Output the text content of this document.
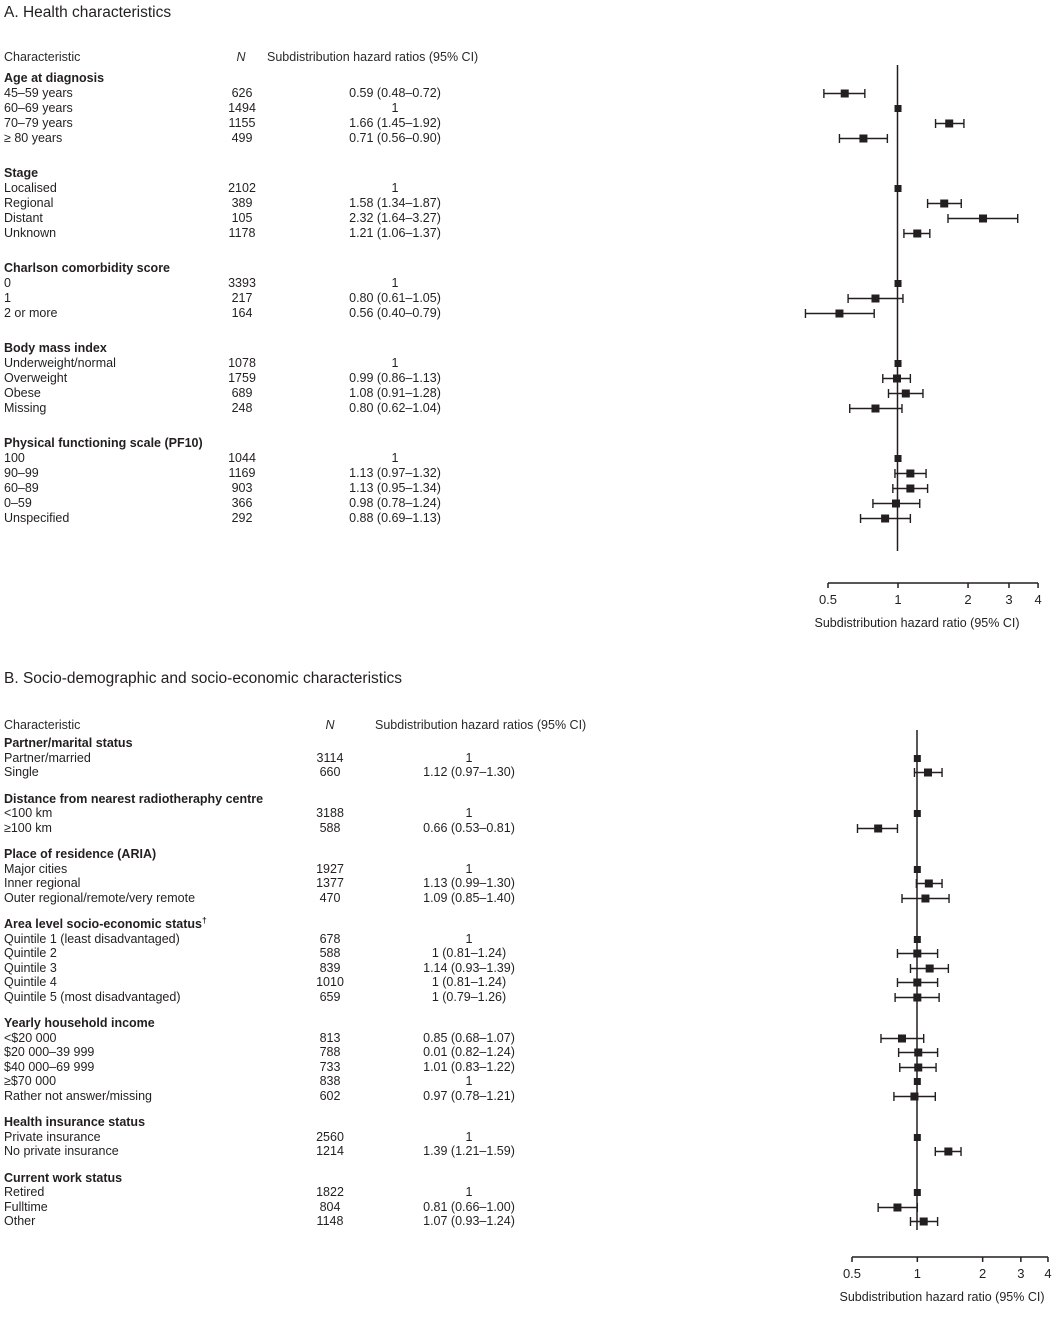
A. Health characteristics
Characteristic	N	Subdistribution hazard ratios (95% CI)
Age at diagnosis
45–59 years	626	0.59 (0.48–0.72)
60–69 years	1494	1
70–79 years	1155	1.66 (1.45–1.92)
≥ 80 years	499	0.71 (0.56–0.90)
Stage
Localised	2102	1
Regional	389	1.58 (1.34–1.87)
Distant	105	2.32 (1.64–3.27)
Unknown	1178	1.21 (1.06–1.37)
Charlson comorbidity score
0	3393	1
1	217	0.80 (0.61–1.05)
2 or more	164	0.56 (0.40–0.79)
Body mass index
Underweight/normal	1078	1
Overweight	1759	0.99 (0.86–1.13)
Obese	689	1.08 (0.91–1.28)
Missing	248	0.80 (0.62–1.04)
Physical functioning scale (PF10)
100	1044	1
90–99	1169	1.13 (0.97–1.32)
60–89	903	1.13 (0.95–1.34)
0–59	366	0.98 (0.78–1.24)
Unspecified	292	0.88 (0.69–1.13)
0.5	1	2	3 4
Subdistribution hazard ratio (95% CI)
B. Socio-demographic and socio-economic characteristics
Characteristic	N	Subdistribution hazard ratios (95% CI)
Partner/marital status
Partner/married	3114	1
Single	660	1.12 (0.97–1.30)
Distance from nearest radiotheraphy centre
<100 km	3188	1
≥100 km	588	0.66 (0.53–0.81)
Place of residence (ARIA)
Major cities	1927	1
Inner regional	1377	1.13 (0.99–1.30)
Outer regional/remote/very remote	470	1.09 (0.85–1.40)
Area level socio-economic status†
Quintile 1 (least disadvantaged)	678	1
Quintile 2	588	1 (0.81–1.24)
Quintile 3	839	1.14 (0.93–1.39)
Quintile 4	1010	1 (0.81–1.24)
Quintile 5 (most disadvantaged)	659	1 (0.79–1.26)
Yearly household income
<$20 000	813	0.85 (0.68–1.07)
$20 000–39 999	788	0.01 (0.82–1.24)
$40 000–69 999	733	1.01 (0.83–1.22)
≥$70 000	838	1
Rather not answer/missing	602	0.97 (0.78–1.21)
Health insurance status
Private insurance	2560	1
No private insurance	1214	1.39 (1.21–1.59)
Current work status
Retired	1822	1
Fulltime	804	0.81 (0.66–1.00)
Other	1148	1.07 (0.93–1.24)
0.5	1	2 3 4
Subdistribution hazard ratio (95% CI)
